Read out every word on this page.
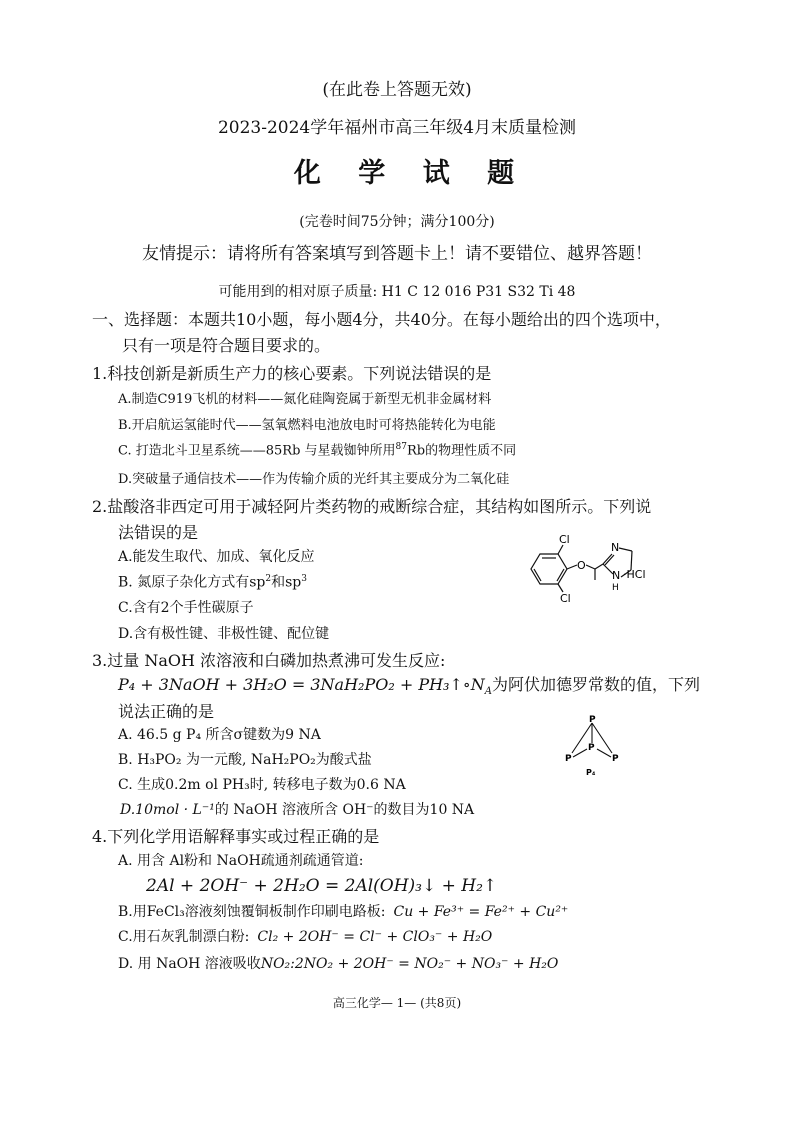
(在此卷上答题无效)
2023-2024学年福州市高三年级4月末质量检测
化 学 试 题
(完卷时间75分钟；满分100分)
友情提示：请将所有答案填写到答题卡上！请不要错位、越界答题！
可能用到的相对原子质量: H1 C 12 016 P31 S32 Ti 48
一、选择题：本题共10小题，每小题4分，共40分。在每小题给出的四个选项中，
只有一项是符合题目要求的。
1.科技创新是新质生产力的核心要素。下列说法错误的是
A.制造C919飞机的材料——氮化硅陶瓷属于新型无机非金属材料
B.开启航运氢能时代——氢氧燃料电池放电时可将热能转化为电能
C. 打造北斗卫星系统——85Rb 与星载铷钟所用$^{87}$Rb的物理性质不同
D.突破量子通信技术——作为传输介质的光纤其主要成分为二氧化硅
2.盐酸洛非西定可用于减轻阿片类药物的戒断综合症，其结构如图所示。下列说
法错误的是
A.能发生取代、加成、氧化反应
B. 氮原子杂化方式有$sp^2$和$sp^3$
C.含有2个手性碳原子
D.含有极性键、非极性键、配位键
Cl
Cl
O
N
N
H
·HCl
3.过量 NaOH 浓溶液和白磷加热煮沸可发生反应:
P₄ + 3NaOH + $3H_2O = 3NaH_2PO_2 + PH_3↑\circ N_A$为阿伏加德罗常数的值，下列
说法正确的是
A. 46.5 g P₄ 所含σ键数为9 NA
B. H₃PO₂ 为一元酸, NaH₂PO₂为酸式盐
C. 生成0.2m ol PH₃时, 转移电子数为0.6 NA
D.10mol · L⁻¹的 NaOH 溶液所含 OH⁻的数目为10 NA
P
P
P	P
P₄
4.下列化学用语解释事实或过程正确的是
A. 用含 Al粉和 NaOH疏通剂疏通管道:
2Al + 2OH⁻ + 2H₂O = 2Al(OH)₃↓ + H₂↑
B.用FeCl₃溶液刻蚀覆铜板制作印刷电路板: Cu + Fe³⁺ = Fe²⁺ + Cu²⁺
C.用石灰乳制漂白粉: Cl₂ + 2OH⁻ = Cl⁻ + ClO₃⁻ + H₂O
D. 用 NaOH 溶液吸收NO₂:2NO₂ + 2OH⁻ = NO₂⁻ + NO₃⁻ + H₂O
高三化学— 1— (共8页)
